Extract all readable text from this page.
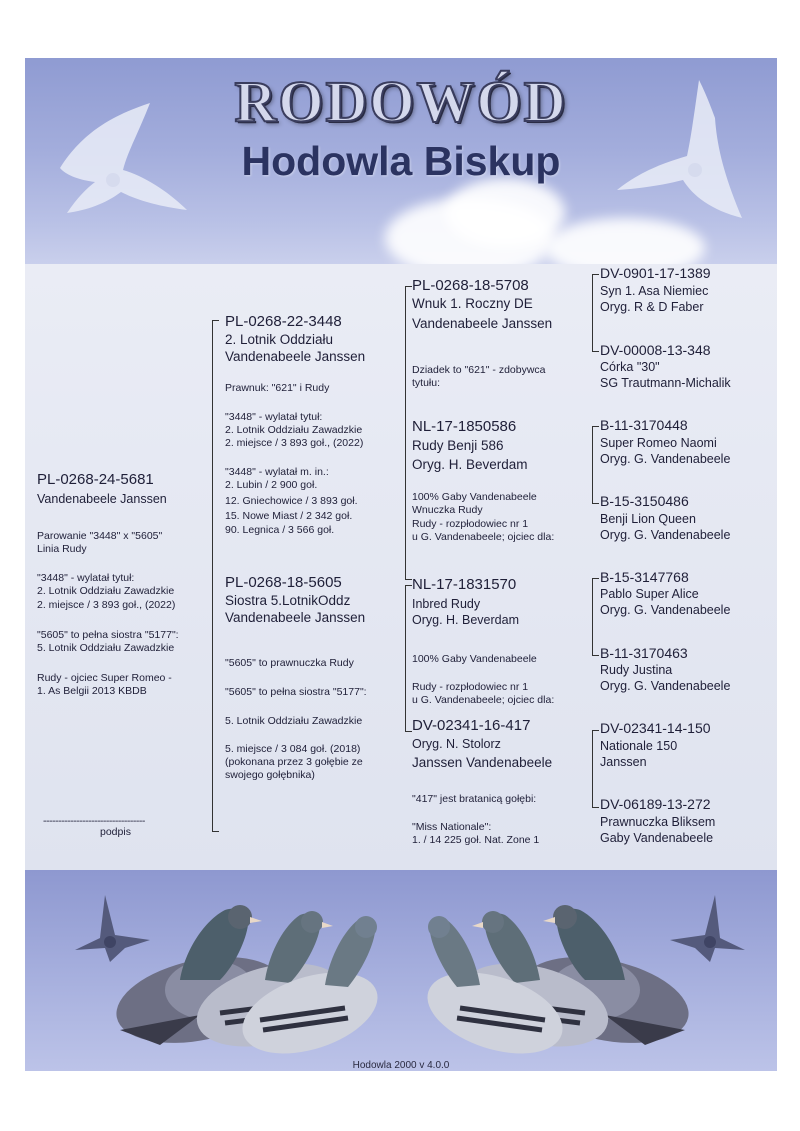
RODOWÓD
Hodowla Biskup
PL-0268-24-5681
Vandenabeele Janssen
Parowanie "3448" x "5605"
Linia Rudy
"3448" - wylatał tytuł:
2. Lotnik Oddziału Zawadzkie
2. miejsce / 3 893 goł., (2022)
"5605" to pełna siostra "5177":
5. Lotnik Oddziału Zawadzkie
Rudy - ojciec Super Romeo -
1. As Belgii 2013 KBDB
----------------------------------
podpis
PL-0268-22-3448
2. Lotnik Oddziału
Vandenabeele Janssen
Prawnuk: "621" i Rudy
"3448" - wylatał tytuł:
2. Lotnik Oddziału Zawadzkie
2. miejsce / 3 893 goł., (2022)
"3448" - wylatał m. in.:
2. Lubin / 2 900 goł.
12. Gniechowice / 3 893 goł.
15. Nowe Miast / 2 342 goł.
90. Legnica / 3 566 goł.
PL-0268-18-5605
Siostra 5.LotnikOddz
Vandenabeele Janssen
"5605" to prawnuczka Rudy
"5605" to pełna siostra "5177":
5. Lotnik Oddziału Zawadzkie
5. miejsce / 3 084 goł. (2018)
(pokonana przez 3 gołębie ze
swojego gołębnika)
PL-0268-18-5708
Wnuk 1. Roczny DE
Vandenabeele Janssen
Dziadek to "621" - zdobywca
tytułu:
NL-17-1850586
Rudy Benji 586
Oryg. H. Beverdam
100% Gaby Vandenabeele
Wnuczka Rudy
Rudy - rozpłodowiec nr 1
u G. Vandenabeele; ojciec dla:
NL-17-1831570
Inbred Rudy
Oryg. H. Beverdam
100% Gaby Vandenabeele
Rudy - rozpłodowiec nr 1
u G. Vandenabeele; ojciec dla:
DV-02341-16-417
Oryg. N. Stolorz
Janssen Vandenabeele
"417" jest bratanicą gołębi:
"Miss Nationale":
1. / 14 225 goł. Nat. Zone 1
DV-0901-17-1389
Syn 1. Asa Niemiec
Oryg. R & D Faber
DV-00008-13-348
Córka "30"
SG Trautmann-Michalik
B-11-3170448
Super Romeo Naomi
Oryg. G. Vandenabeele
B-15-3150486
Benji Lion Queen
Oryg. G. Vandenabeele
B-15-3147768
Pablo Super Alice
Oryg. G. Vandenabeele
B-11-3170463
Rudy Justina
Oryg. G. Vandenabeele
DV-02341-14-150
Nationale 150
Janssen
DV-06189-13-272
Prawnuczka Bliksem
Gaby Vandenabeele
Hodowla 2000 v 4.0.0
